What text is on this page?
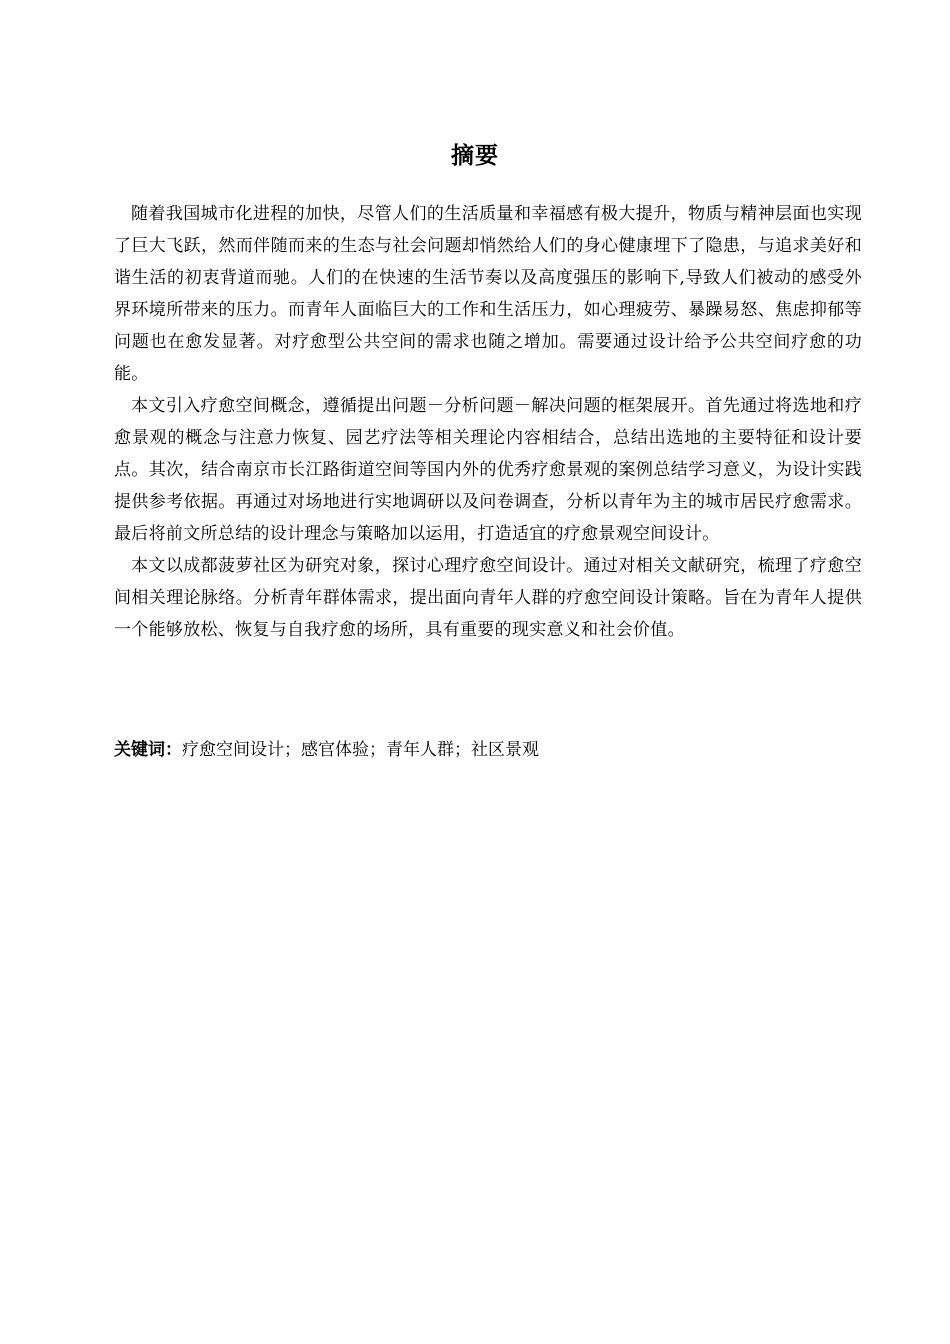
摘要

随着我国城市化进程的加快，尽管人们的生活质量和幸福感有极大提升，物质与精神层面也实现了巨大飞跃，然而伴随而来的生态与社会问题却悄然给人们的身心健康埋下了隐患，与追求美好和谐生活的初衷背道而驰。人们的在快速的生活节奏以及高度强压的影响下,导致人们被动的感受外界环境所带来的压力。而青年人面临巨大的工作和生活压力，如心理疲劳、暴躁易怒、焦虑抑郁等问题也在愈发显著。对疗愈型公共空间的需求也随之增加。需要通过设计给予公共空间疗愈的功能。

本文引入疗愈空间概念，遵循提出问题－分析问题－解决问题的框架展开。首先通过将选地和疗愈景观的概念与注意力恢复、园艺疗法等相关理论内容相结合，总结出选地的主要特征和设计要点。其次，结合南京市长江路街道空间等国内外的优秀疗愈景观的案例总结学习意义，为设计实践提供参考依据。再通过对场地进行实地调研以及问卷调查，分析以青年为主的城市居民疗愈需求。最后将前文所总结的设计理念与策略加以运用，打造适宜的疗愈景观空间设计。

本文以成都菠萝社区为研究对象，探讨心理疗愈空间设计。通过对相关文献研究，梳理了疗愈空间相关理论脉络。分析青年群体需求，提出面向青年人群的疗愈空间设计策略。旨在为青年人提供一个能够放松、恢复与自我疗愈的场所，具有重要的现实意义和社会价值。

关键词：疗愈空间设计；感官体验；青年人群；社区景观
